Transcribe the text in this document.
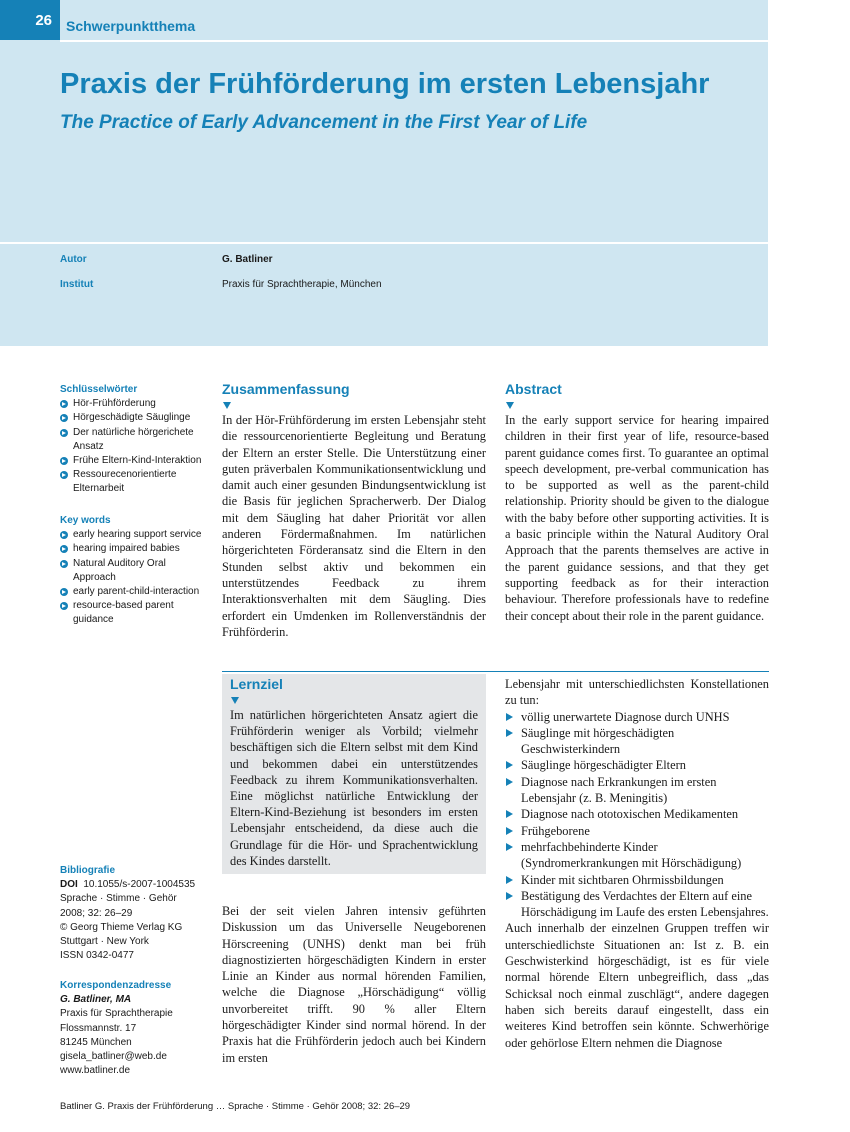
26	Schwerpunktthema
Praxis der Frühförderung im ersten Lebensjahr
The Practice of Early Advancement in the First Year of Life
Autor	G. Batliner
Institut	Praxis für Sprachtherapie, München
Schlüsselwörter
Hör-Frühförderung
Hörgeschädigte Säuglinge
Der natürliche hörgerichete Ansatz
Frühe Eltern-Kind-Interaktion
Ressourecenorientierte Elternarbeit
Key words
early hearing support service
hearing impaired babies
Natural Auditory Oral Approach
early parent-child-interaction
resource-based parent guidance
Bibliografie
DOI 10.1055/s-2007-1004535
Sprache · Stimme · Gehör
2008; 32: 26–29
© Georg Thieme Verlag KG
Stuttgart · New York
ISSN 0342-0477
Korrespondenzadresse
G. Batliner, MA
Praxis für Sprachtherapie
Flossmannstr. 17
81245 München
gisela_batliner@web.de
www.batliner.de
Zusammenfassung

In der Hör-Frühförderung im ersten Lebensjahr steht die ressourcenorientierte Begleitung und Beratung der Eltern an erster Stelle. Die Unterstützung einer guten präverbalen Kommunikationsentwicklung und damit auch einer gesunden Bindungsentwicklung ist die Basis für jeglichen Spracherwerb. Der Dialog mit dem Säugling hat daher Priorität vor allen anderen Fördermaßnahmen. Im natürlichen hörgerichteten Förderansatz sind die Eltern in den Stunden selbst aktiv und bekommen ein unterstützendes Feedback zu ihrem Interaktionsverhalten mit dem Säugling. Dies erfordert ein Umdenken im Rollenverständnis der Frühförderin.

Abstract

In the early support service for hearing impaired children in their first year of life, resource-based parent guidance comes first. To guarantee an optimal speech development, pre-verbal communication has to be supported as well as the parent-child relationship. Priority should be given to the dialogue with the baby before other supporting activities. It is a basic principle within the Natural Auditory Oral Approach that the parents themselves are active in the parent guidance sessions, and that they get supporting feedback as for their interaction behaviour. Therefore professionals have to redefine their concept about their role in the parent guidance.

Lernziel

Im natürlichen hörgerichteten Ansatz agiert die Frühförderin weniger als Vorbild; vielmehr beschäftigen sich die Eltern selbst mit dem Kind und bekommen dabei ein unterstützendes Feedback zu ihrem Kommunikationsverhalten. Eine möglichst natürliche Entwicklung der Eltern-Kind-Beziehung ist besonders im ersten Lebensjahr entscheidend, da diese auch die Grundlage für die Hör- und Sprachentwicklung des Kindes darstellt.

Bei der seit vielen Jahren intensiv geführten Diskussion um das Universelle Neugeborenen Hörscreening (UNHS) denkt man bei früh diagnostizierten hörgeschädigten Kindern in erster Linie an Kinder aus normal hörenden Familien, welche die Diagnose „Hörschädigung“ völlig unvorbereitet trifft. 90 % aller Eltern hörgeschädigter Kinder sind normal hörend. In der Praxis hat die Frühförderin jedoch auch bei Kindern im ersten

Lebensjahr mit unterschiedlichsten Konstellationen zu tun:

völlig unerwartete Diagnose durch UNHS
Säuglinge mit hörgeschädigten Geschwisterkindern
Säuglinge hörgeschädigter Eltern
Diagnose nach Erkrankungen im ersten Lebensjahr (z. B. Meningitis)
Diagnose nach ototoxischen Medikamenten
Frühgeborene
mehrfachbehinderte Kinder (Syndromerkrankungen mit Hörschädigung)
Kinder mit sichtbaren Ohrmissbildungen
Bestätigung des Verdachtes der Eltern auf eine Hörschädigung im Laufe des ersten Lebensjahres.

Auch innerhalb der einzelnen Gruppen treffen wir unterschiedlichste Situationen an: Ist z. B. ein Geschwisterkind hörgeschädigt, ist es für viele normal hörende Eltern unbegreiflich, dass „das Schicksal noch einmal zuschlägt“, andere dagegen haben sich bereits darauf eingestellt, dass ein weiteres Kind betroffen sein könnte. Schwerhörige oder gehörlose Eltern nehmen die Diagnose

Batliner G. Praxis der Frühförderung … Sprache · Stimme · Gehör 2008; 32: 26–29
